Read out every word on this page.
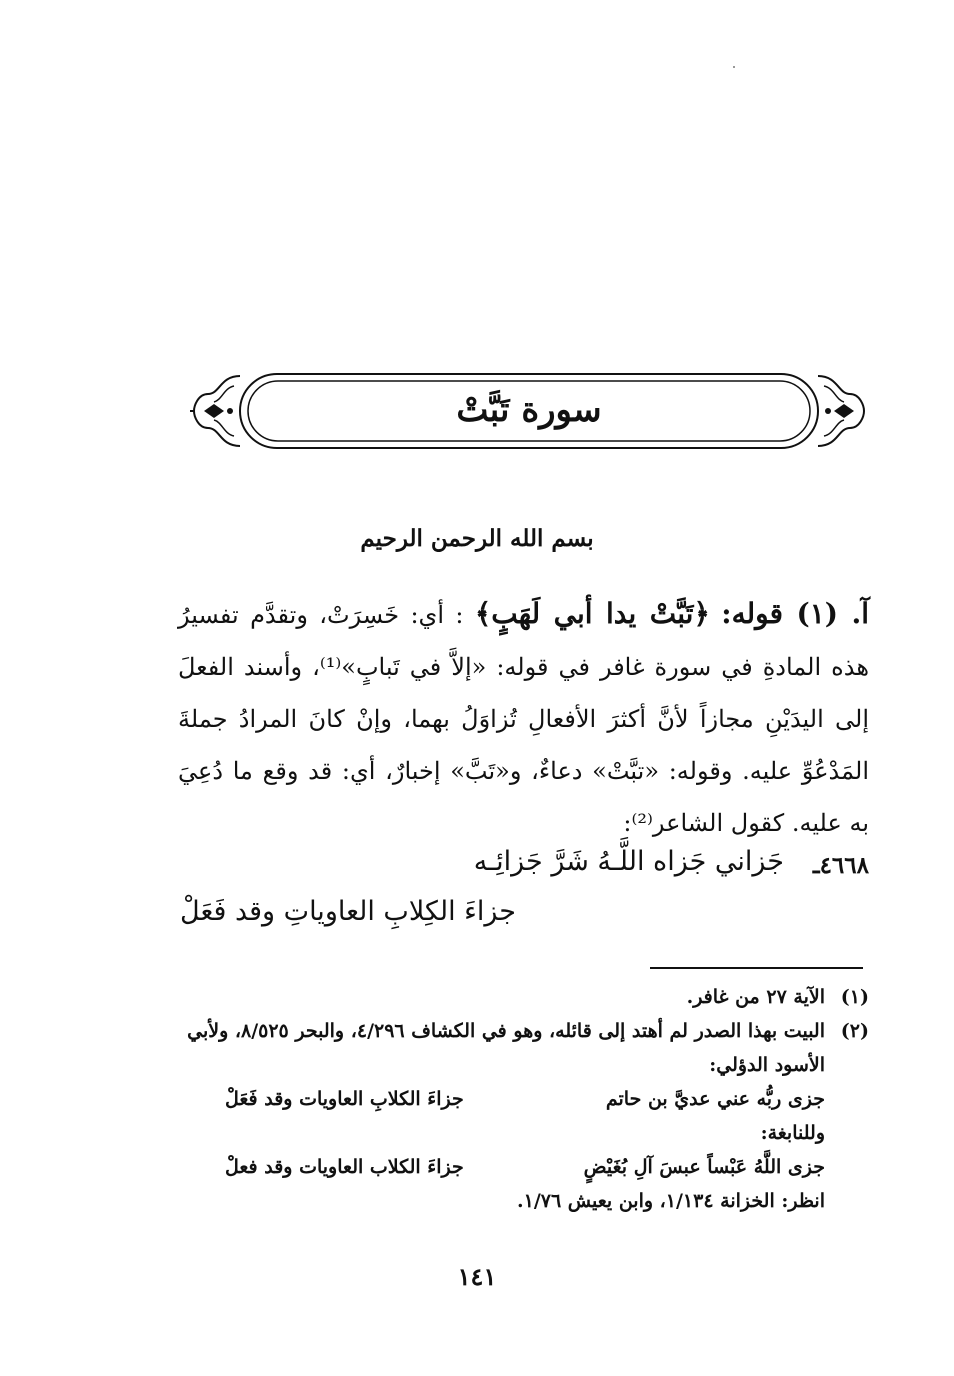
سورة تَبَّتْ
بسم الله الرحمن الرحيم

آ. (١) قوله: ﴿تَبَّتْ يدا أبي لَهَبٍ﴾ : أي: خَسِرَتْ، وتقدَّم تفسيرُ هذه المادةِ في سورة غافر في قوله: «إلاَّ في تَبابٍ»⁽¹⁾، وأسند الفعلَ إلى اليدَيْنِ مجازاً لأنَّ أكثرَ الأفعالِ تُزاوَلُ بهما، وإنْ كانَ المرادُ جملةَ المَدْعُوِّ عليه. وقوله: «تبَّتْ» دعاءٌ، و«تَبَّ» إخبارٌ، أي: قد وقع ما دُعِيَ به عليه. كقول الشاعر⁽²⁾:

٤٦٦٨ـ
جَزاني جَزاه اللَّـهُ شَرَّ جَزائِـه
جزاءَ الكِلابِ العاوياتِ وقد فَعَلْ
(١)
الآية ٢٧ من غافر.
(٢)
البيت بهذا الصدر لم أهتد إلى قائله، وهو في الكشاف ٤/٢٩٦، والبحر ٨/٥٢٥، ولأبي الأسود الدؤلي:
جزى ربُّه عني عديَّ بن حاتم
جزاءَ الكلابِ العاويات وقد فَعَلْ
وللنابغة:
جزى اللَّهُ عَبْساً عبسَ آلِ بُغَيْضٍ
جزاءَ الكلاب العاويات وقد فعلْ
انظر: الخزانة ١/١٣٤، وابن يعيش ١/٧٦.
١٤١
